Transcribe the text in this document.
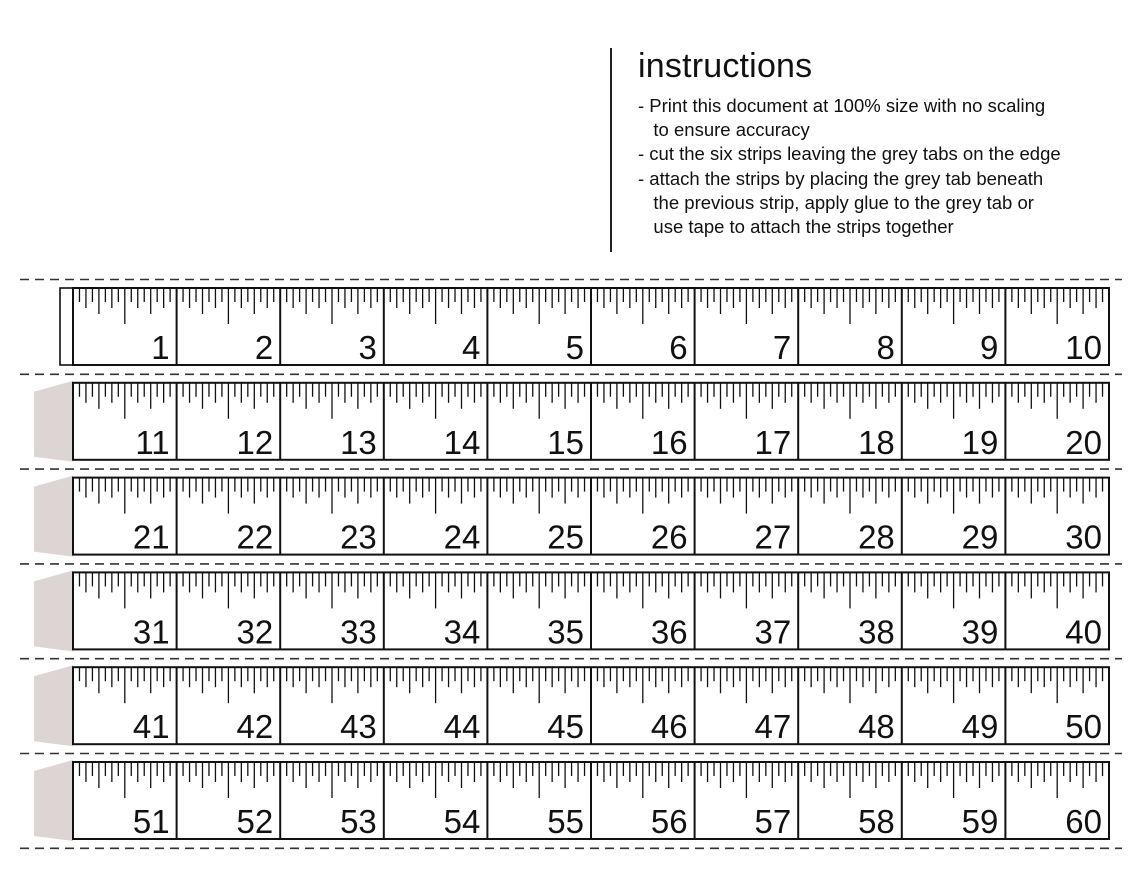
instructions
- Print this document at 100% size with no scaling
to ensure accuracy
- cut the six strips leaving the grey tabs on the edge
- attach the strips by placing the grey tab beneath
the previous strip, apply glue to the grey tab or
use tape to attach the strips together
1	2	3	4	5	6	7	8	9 10
11 12 13 14 15 16 17 18 19 20
21 22 23 24 25 26 27 28 29 30
31 32 33 34 35 36 37 38 39 40
41 42 43 44 45 46 47 48 49 50
51 52 53 54 55 56 57 58 59 60
